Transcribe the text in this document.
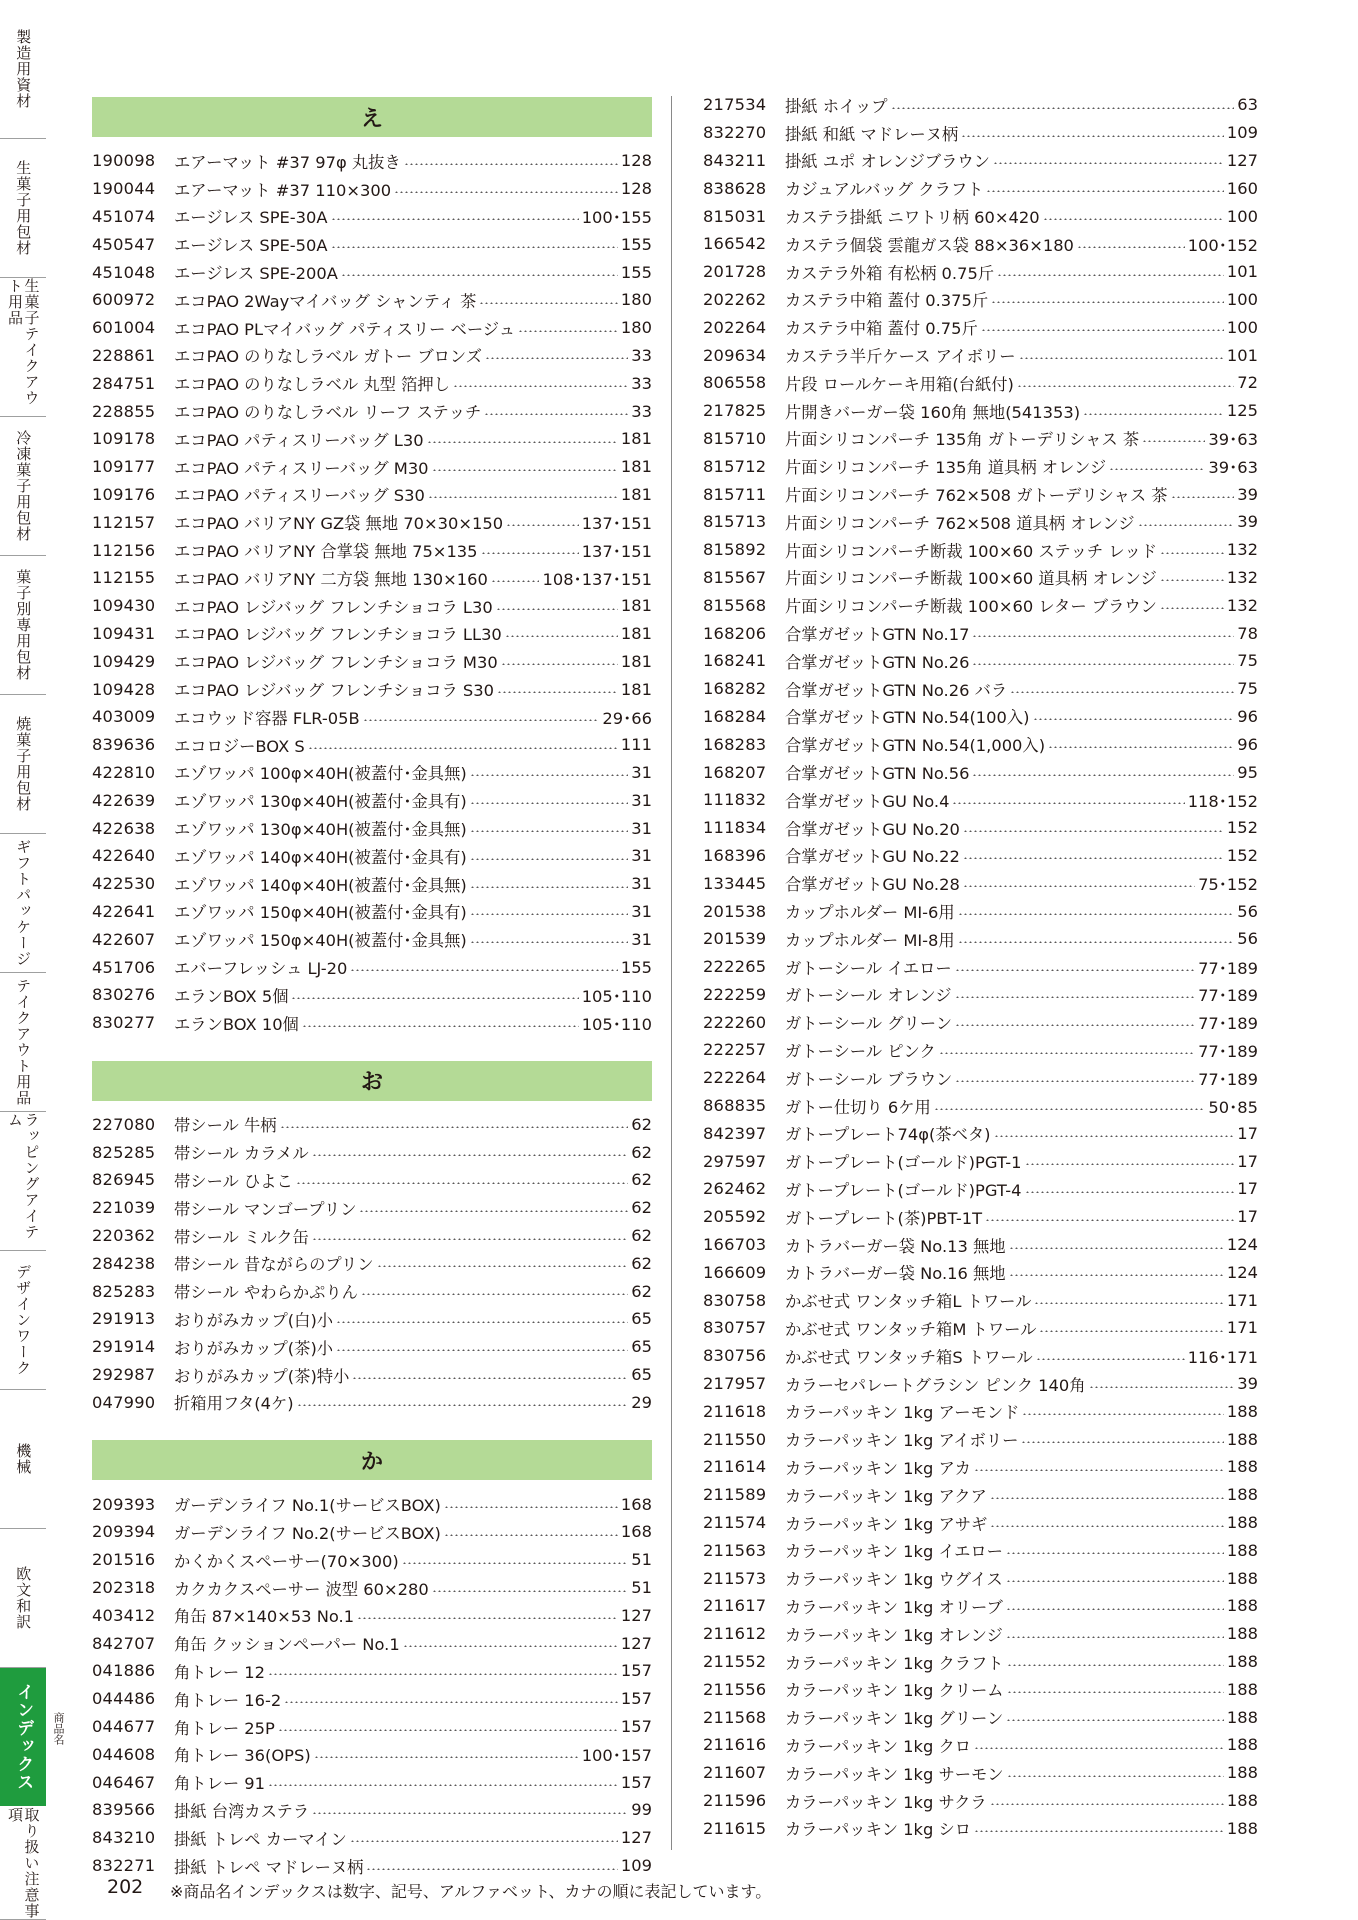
製造用資材
生菓子用包材
生菓子テイクアウト用品
冷凍菓子用包材
菓子別専用包材
焼菓子用包材
ギフトパッケージ
テイクアウト用品
ラッピングアイテム
デザインワーク
機械
欧文和訳
インデックス
取り扱い注意事項
商品名
え
190098	エアーマット #37 97φ 丸抜き	128
190044	エアーマット #37 110×300	128
451074	エージレス SPE-30A	100･155
450547	エージレス SPE-50A	155
451048	エージレス SPE-200A	155
600972	エコPAO 2Wayマイバッグ シャンティ 茶	180
601004	エコPAO PLマイバッグ パティスリー ベージュ	180
228861	エコPAO のりなしラベル ガトー ブロンズ	33
284751	エコPAO のりなしラベル 丸型 箔押し	33
228855	エコPAO のりなしラベル リーフ ステッチ	33
109178	エコPAO パティスリーバッグ L30	181
109177	エコPAO パティスリーバッグ M30	181
109176	エコPAO パティスリーバッグ S30	181
112157	エコPAO バリアNY GZ袋 無地 70×30×150	137･151
112156	エコPAO バリアNY 合掌袋 無地 75×135	137･151
112155	エコPAO バリアNY 二方袋 無地 130×160	108･137･151
109430	エコPAO レジバッグ フレンチショコラ L30	181
109431	エコPAO レジバッグ フレンチショコラ LL30	181
109429	エコPAO レジバッグ フレンチショコラ M30	181
109428	エコPAO レジバッグ フレンチショコラ S30	181
403009	エコウッド容器 FLR-05B	29･66
839636	エコロジーBOX S	111
422810	エゾワッパ 100φ×40H(被蓋付･金具無)	31
422639	エゾワッパ 130φ×40H(被蓋付･金具有)	31
422638	エゾワッパ 130φ×40H(被蓋付･金具無)	31
422640	エゾワッパ 140φ×40H(被蓋付･金具有)	31
422530	エゾワッパ 140φ×40H(被蓋付･金具無)	31
422641	エゾワッパ 150φ×40H(被蓋付･金具有)	31
422607	エゾワッパ 150φ×40H(被蓋付･金具無)	31
451706	エバーフレッシュ LJ-20	155
830276	エランBOX 5個	105･110
830277	エランBOX 10個	105･110
お
227080	帯シール 牛柄	62
825285	帯シール カラメル	62
826945	帯シール ひよこ	62
221039	帯シール マンゴープリン	62
220362	帯シール ミルク缶	62
284238	帯シール 昔ながらのプリン	62
825283	帯シール やわらかぷりん	62
291913	おりがみカップ(白)小	65
291914	おりがみカップ(茶)小	65
292987	おりがみカップ(茶)特小	65
047990	折箱用フタ(4ケ)	29
か
209393	ガーデンライフ No.1(サービスBOX)	168
209394	ガーデンライフ No.2(サービスBOX)	168
201516	かくかくスペーサー(70×300)	51
202318	カクカクスペーサー 波型 60×280	51
403412	角缶 87×140×53 No.1	127
842707	角缶 クッションペーパー No.1	127
041886	角トレー 12	157
044486	角トレー 16-2	157
044677	角トレー 25P	157
044608	角トレー 36(OPS)	100･157
046467	角トレー 91	157
839566	掛紙 台湾カステラ	99
843210	掛紙 トレペ カーマイン	127
832271	掛紙 トレペ マドレーヌ柄	109
217534	掛紙 ホイップ	63
832270	掛紙 和紙 マドレーヌ柄	109
843211	掛紙 ユポ オレンジブラウン	127
838628	カジュアルバッグ クラフト	160
815031	カステラ掛紙 ニワトリ柄 60×420	100
166542	カステラ個袋 雲龍ガス袋 88×36×180	100･152
201728	カステラ外箱 有松柄 0.75斤	101
202262	カステラ中箱 蓋付 0.375斤	100
202264	カステラ中箱 蓋付 0.75斤	100
209634	カステラ半斤ケース アイボリー	101
806558	片段 ロールケーキ用箱(台紙付)	72
217825	片開きバーガー袋 160角 無地(541353)	125
815710	片面シリコンパーチ 135角 ガトーデリシャス 茶	39･63
815712	片面シリコンパーチ 135角 道具柄 オレンジ	39･63
815711	片面シリコンパーチ 762×508 ガトーデリシャス 茶	39
815713	片面シリコンパーチ 762×508 道具柄 オレンジ	39
815892	片面シリコンパーチ断裁 100×60 ステッチ レッド	132
815567	片面シリコンパーチ断裁 100×60 道具柄 オレンジ	132
815568	片面シリコンパーチ断裁 100×60 レター ブラウン	132
168206	合掌ガゼットGTN No.17	78
168241	合掌ガゼットGTN No.26	75
168282	合掌ガゼットGTN No.26 バラ	75
168284	合掌ガゼットGTN No.54(100入)	96
168283	合掌ガゼットGTN No.54(1,000入)	96
168207	合掌ガゼットGTN No.56	95
111832	合掌ガゼットGU No.4	118･152
111834	合掌ガゼットGU No.20	152
168396	合掌ガゼットGU No.22	152
133445	合掌ガゼットGU No.28	75･152
201538	カップホルダー MI-6用	56
201539	カップホルダー MI-8用	56
222265	ガトーシール イエロー	77･189
222259	ガトーシール オレンジ	77･189
222260	ガトーシール グリーン	77･189
222257	ガトーシール ピンク	77･189
222264	ガトーシール ブラウン	77･189
868835	ガトー仕切り 6ケ用	50･85
842397	ガトープレート74φ(茶ベタ)	17
297597	ガトープレート(ゴールド)PGT-1	17
262462	ガトープレート(ゴールド)PGT-4	17
205592	ガトープレート(茶)PBT-1T	17
166703	カトラバーガー袋 No.13 無地	124
166609	カトラバーガー袋 No.16 無地	124
830758	かぶせ式 ワンタッチ箱L トワール	171
830757	かぶせ式 ワンタッチ箱M トワール	171
830756	かぶせ式 ワンタッチ箱S トワール	116･171
217957	カラーセパレートグラシン ピンク 140角	39
211618	カラーパッキン 1kg アーモンド	188
211550	カラーパッキン 1kg アイボリー	188
211614	カラーパッキン 1kg アカ	188
211589	カラーパッキン 1kg アクア	188
211574	カラーパッキン 1kg アサギ	188
211563	カラーパッキン 1kg イエロー	188
211573	カラーパッキン 1kg ウグイス	188
211617	カラーパッキン 1kg オリーブ	188
211612	カラーパッキン 1kg オレンジ	188
211552	カラーパッキン 1kg クラフト	188
211556	カラーパッキン 1kg クリーム	188
211568	カラーパッキン 1kg グリーン	188
211616	カラーパッキン 1kg クロ	188
211607	カラーパッキン 1kg サーモン	188
211596	カラーパッキン 1kg サクラ	188
211615	カラーパッキン 1kg シロ	188
202 ※商品名インデックスは数字、記号、アルファベット、カナの順に表記しています。
